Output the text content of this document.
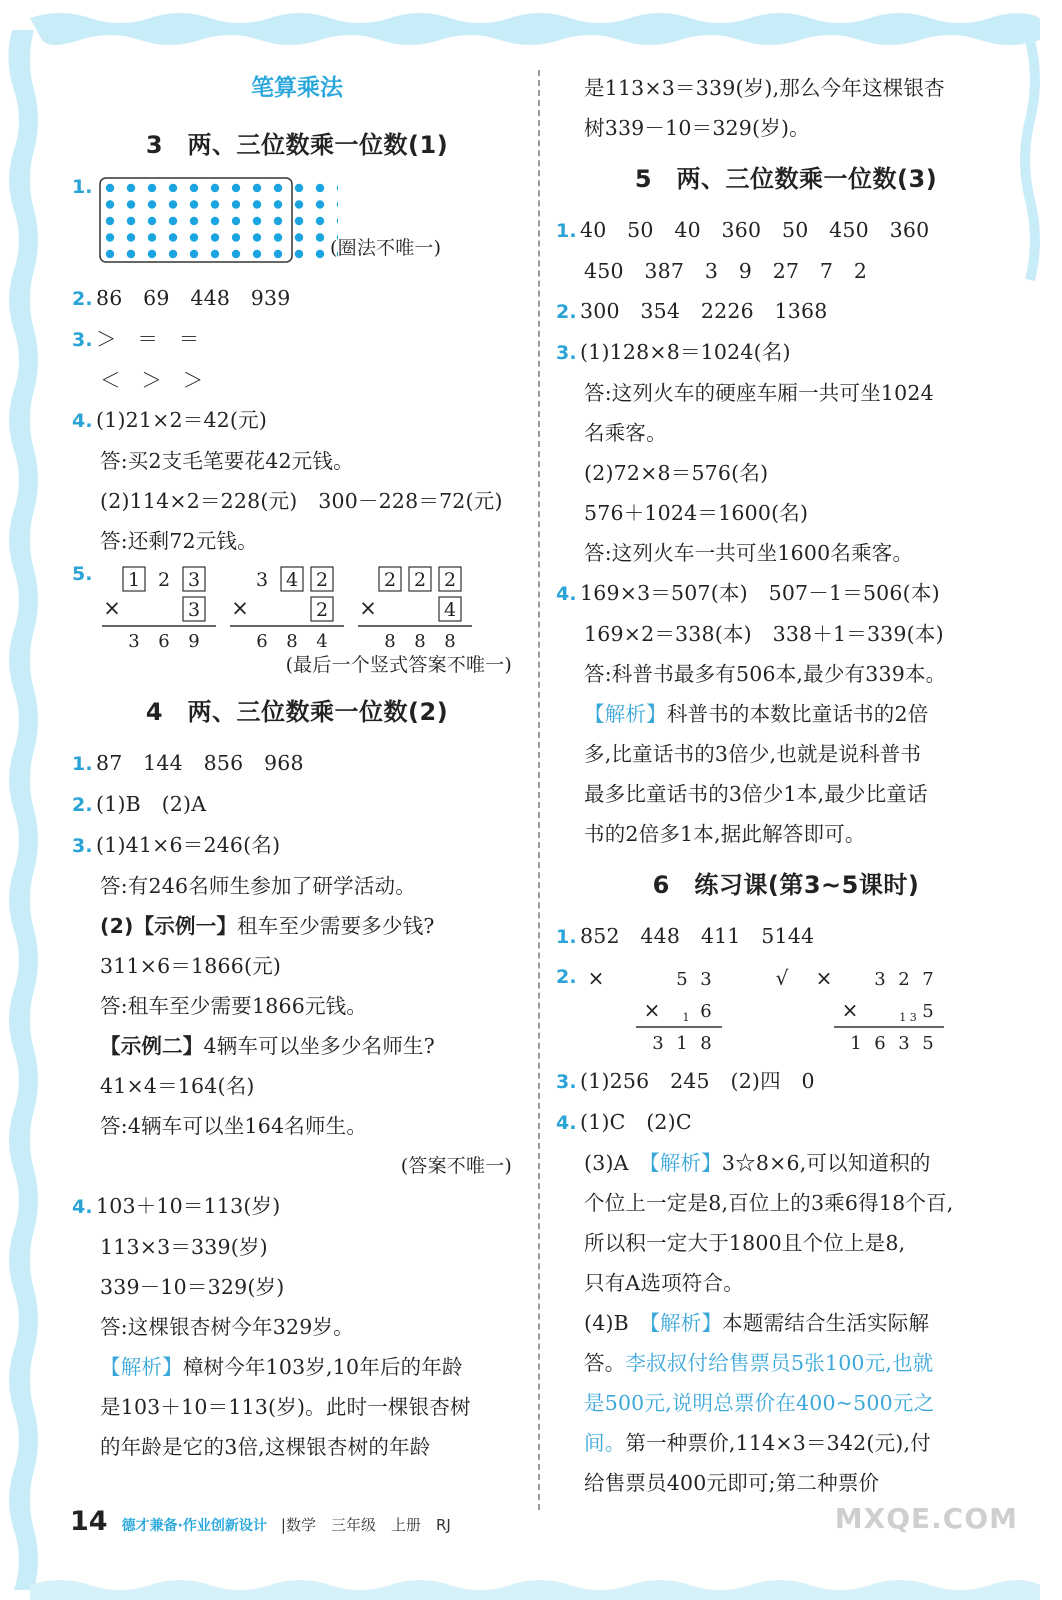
笔算乘法
3　两、三位数乘一位数(1)
1.
(圈法不唯一)
2. 86　69　448　939
3. ＞　＝　＝
＜　＞　＞
4. (1)21×2＝42(元)
答:买2支毛笔要花42元钱。
(2)114×2＝228(元)　300－228＝72(元)
答:还剩72元钱。
5. 1 2 3
×	3
3 6 9
3 4 2
×	2
6 8 4
2 2 2
×	4
8 8 8
(最后一个竖式答案不唯一)
4　两、三位数乘一位数(2)
1. 87　144　856　968
2. (1)B　(2)A
3. (1)41×6＝246(名)
答:有246名师生参加了研学活动。
(2)【示例一】租车至少需要多少钱?
311×6＝1866(元)
答:租车至少需要1866元钱。
【示例二】4辆车可以坐多少名师生?
41×4＝164(名)
答:4辆车可以坐164名师生。
(答案不唯一)
4. 103＋10＝113(岁)
113×3＝339(岁)
339－10＝329(岁)
答:这棵银杏树今年329岁。
【解析】樟树今年103岁,10年后的年龄
是103＋10＝113(岁)。此时一棵银杏树
的年龄是它的3倍,这棵银杏树的年龄
是113×3＝339(岁),那么今年这棵银杏
树339－10＝329(岁)。
5　两、三位数乘一位数(3)
1. 40　50　40　360　50　450　360
450　387　3　9　27　7　2
2. 300　354　2226　1368
3. (1)128×8＝1024(名)
答:这列火车的硬座车厢一共可坐1024
名乘客。
(2)72×8＝576(名)
576＋1024＝1600(名)
答:这列火车一共可坐1600名乘客。
4. 169×3＝507(本)　507－1＝506(本)
169×2＝338(本)　338＋1＝339(本)
答:科普书最多有506本,最少有339本。
【解析】科普书的本数比童话书的2倍
多,比童话书的3倍少,也就是说科普书
最多比童话书的3倍少1本,最少比童话
书的2倍多1本,据此解答即可。
6　练习课(第3~5课时)
1. 852　448　411　5144
2. ×	√ ×
5 3
× 6
1
3 1 8
3 2 7
×	5
1 3
1 6 3 5
3. (1)256　245　(2)四　0
4. (1)C　(2)C
(3)A　【解析】3☆8×6,可以知道积的
个位上一定是8,百位上的3乘6得18个百,
所以积一定大于1800且个位上是8,
只有A选项符合。
(4)B　【解析】本题需结合生活实际解
答。李叔叔付给售票员5张100元,也就
是500元,说明总票价在400~500元之
间。第一种票价,114×3＝342(元),付
给售票员400元即可;第二种票价
14 德才兼备·作业创新设计 |数学　三年级　上册　RJ	MXQE.COM
